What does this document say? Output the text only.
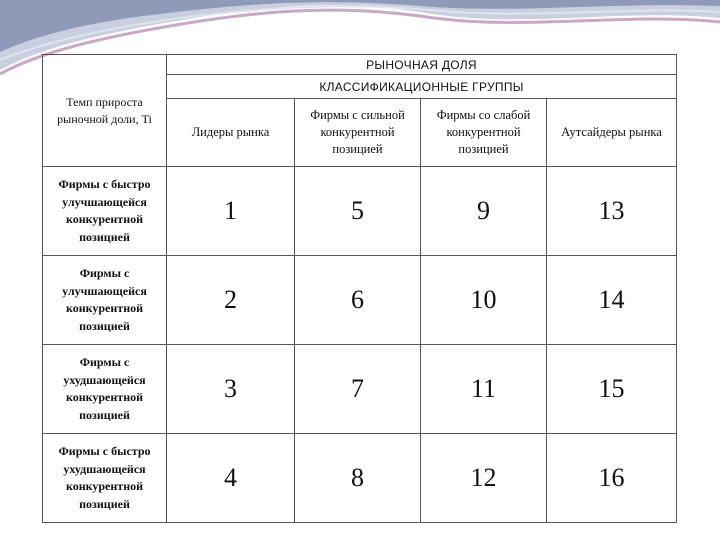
Темп прироста рыночной доли, Ti	РЫНОЧНАЯ ДОЛЯ			
	КЛАССИФИКАЦИОННЫЕ ГРУППЫ			
	Лидеры рынка	Фирмы с сильной конкурентной позицией	Фирмы со слабой конкурентной позицией	Аутсайдеры рынка
Фирмы с быстро улучшающейся конкурентной позицией	1	5	9	13
Фирмы с улучшающейся конкурентной позицией	2	6	10	14
Фирмы с ухудшающейся конкурентной позицией	3	7	11	15
Фирмы с быстро ухудшающейся конкурентной позицией	4	8	12	16
